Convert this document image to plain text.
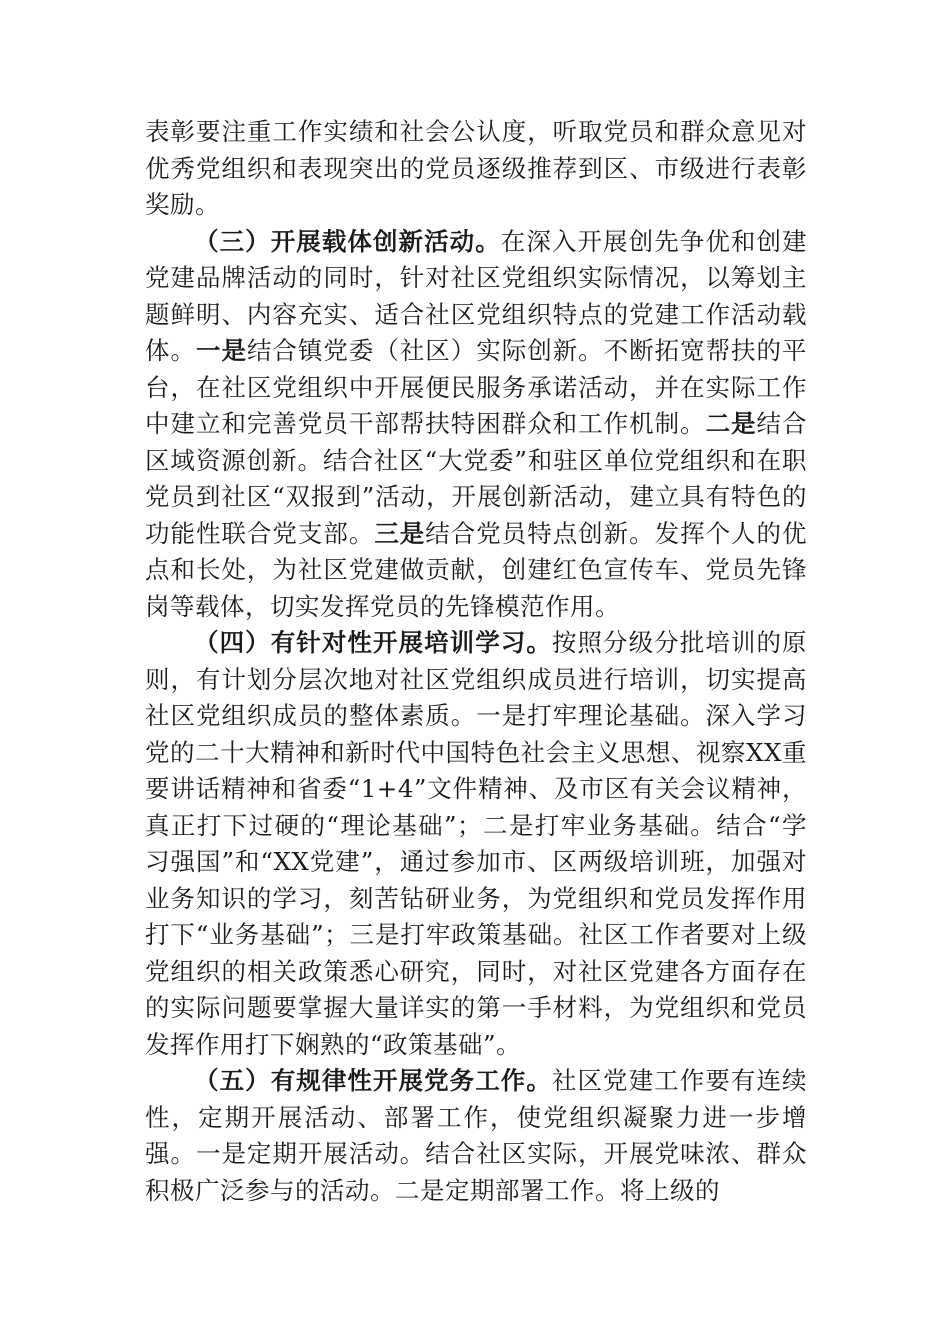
表彰要注重工作实绩和社会公认度，听取党员和群众意见对优秀党组织和表现突出的党员逐级推荐到区、市级进行表彰奖励。

（三）开展载体创新活动。在深入开展创先争优和创建党建品牌活动的同时，针对社区党组织实际情况，以筹划主题鲜明、内容充实、适合社区党组织特点的党建工作活动载体。一是结合镇党委（社区）实际创新。不断拓宽帮扶的平台，在社区党组织中开展便民服务承诺活动，并在实际工作中建立和完善党员干部帮扶特困群众和工作机制。二是结合区域资源创新。结合社区“大党委”和驻区单位党组织和在职党员到社区“双报到”活动，开展创新活动，建立具有特色的功能性联合党支部。三是结合党员特点创新。发挥个人的优点和长处，为社区党建做贡献，创建红色宣传车、党员先锋岗等载体，切实发挥党员的先锋模范作用。

（四）有针对性开展培训学习。按照分级分批培训的原则，有计划分层次地对社区党组织成员进行培训，切实提高社区党组织成员的整体素质。一是打牢理论基础。深入学习党的二十大精神和新时代中国特色社会主义思想、视察XX重要讲话精神和省委“1+4”文件精神、及市区有关会议精神，真正打下过硬的“理论基础”；二是打牢业务基础。结合“学习强国”和“XX党建”，通过参加市、区两级培训班，加强对业务知识的学习，刻苦钻研业务，为党组织和党员发挥作用打下“业务基础”；三是打牢政策基础。社区工作者要对上级党组织的相关政策悉心研究，同时，对社区党建各方面存在的实际问题要掌握大量详实的第一手材料，为党组织和党员发挥作用打下娴熟的“政策基础”。

（五）有规律性开展党务工作。社区党建工作要有连续性，定期开展活动、部署工作，使党组织凝聚力进一步增强。一是定期开展活动。结合社区实际，开展党味浓、群众积极广泛参与的活动。二是定期部署工作。将上级的
